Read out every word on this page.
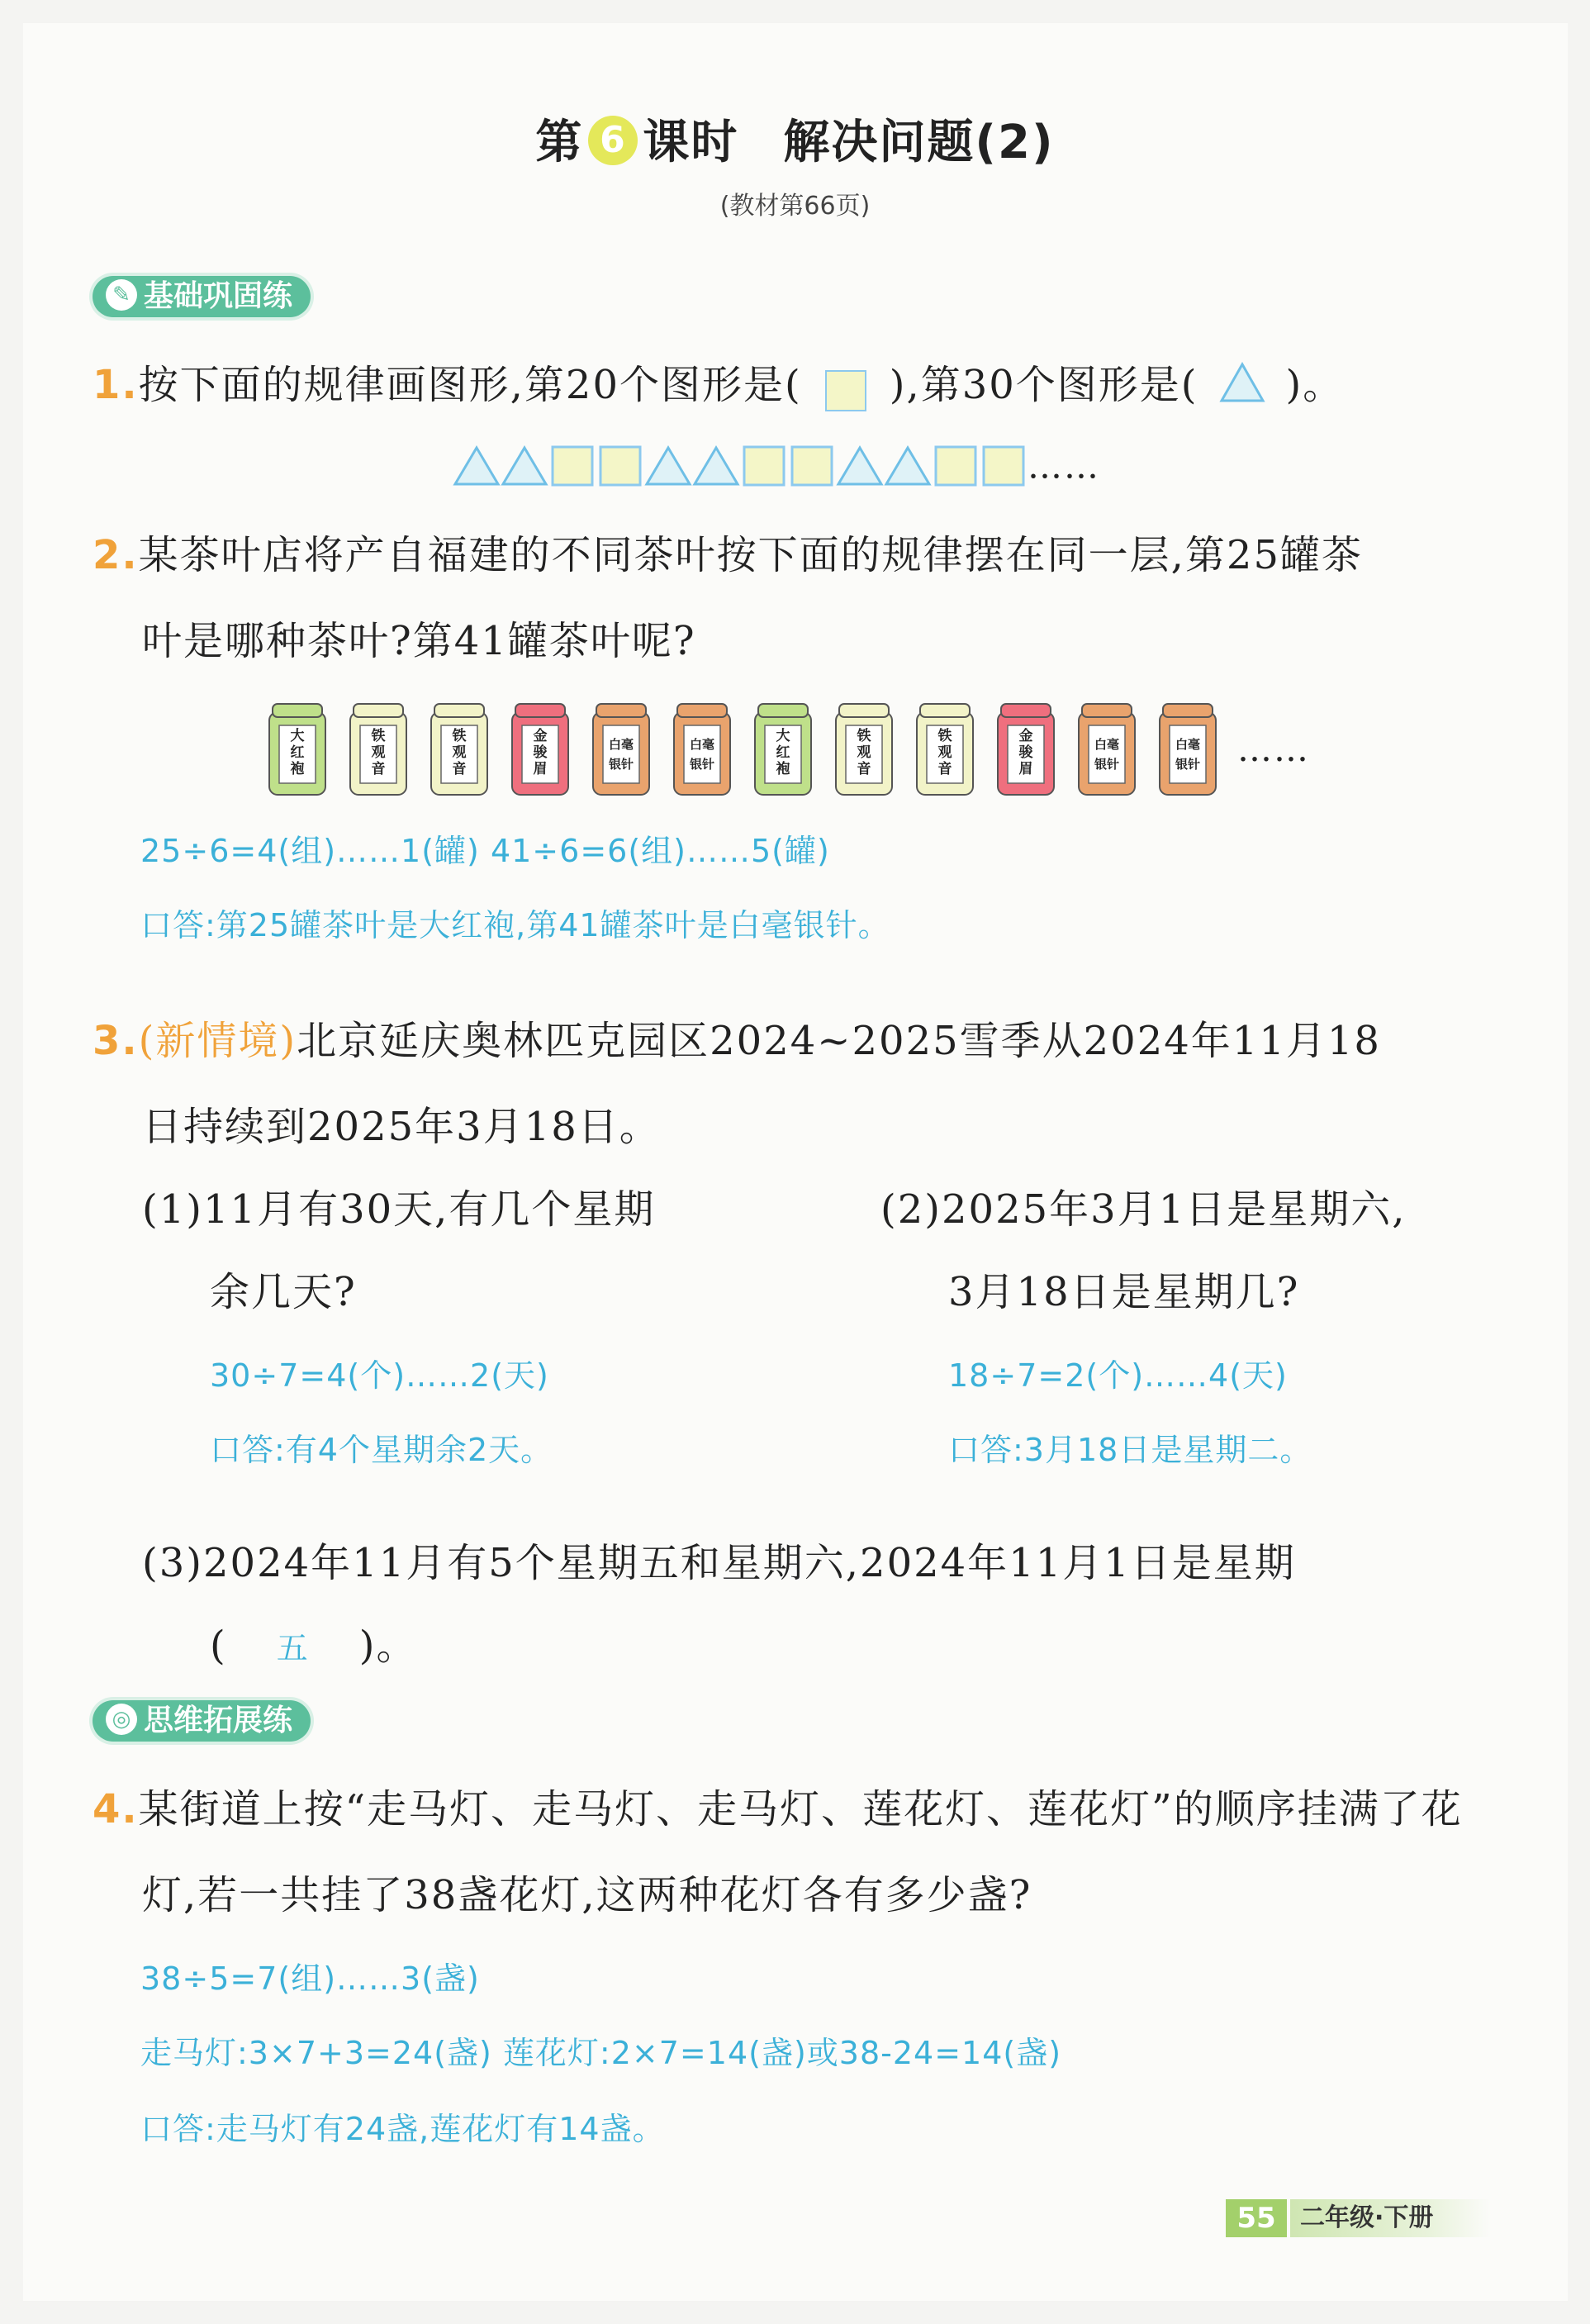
第 6 课时 解决问题(2)
(教材第66页)
✎ 基础巩固练
1.按下面的规律画图形,第20个图形是( ),第30个图形是( )。
……
2.某茶叶店将产自福建的不同茶叶按下面的规律摆在同一层,第25罐茶
叶是哪种茶叶?第41罐茶叶呢?
大
红
袍
铁
观
音
铁
观
音
金
骏
眉
白毫
银针
白毫
银针
大
红
袍
铁
观
音
铁
观
音
金
骏
眉
白毫
银针
白毫
银针 ……
25÷6=4(组)……1(罐) 41÷6=6(组)……5(罐)
口答:第25罐茶叶是大红袍,第41罐茶叶是白毫银针。
3.(新情境)北京延庆奥林匹克园区2024~2025雪季从2024年11月18
日持续到2025年3月18日。
(1)11月有30天,有几个星期
余几天?
30÷7=4(个)……2(天)
口答:有4个星期余2天。
(2)2025年3月1日是星期六,
3月18日是星期几?
18÷7=2(个)……4(天)
口答:3月18日是星期二。
(3)2024年11月有5个星期五和星期六,2024年11月1日是星期
( 五 )。
◎ 思维拓展练
4.某街道上按“走马灯、走马灯、走马灯、莲花灯、莲花灯”的顺序挂满了花
灯,若一共挂了38盏花灯,这两种花灯各有多少盏?
38÷5=7(组)……3(盏)
走马灯:3×7+3=24(盏) 莲花灯:2×7=14(盏)或38-24=14(盏)
口答:走马灯有24盏,莲花灯有14盏。
55 二年级·下册
